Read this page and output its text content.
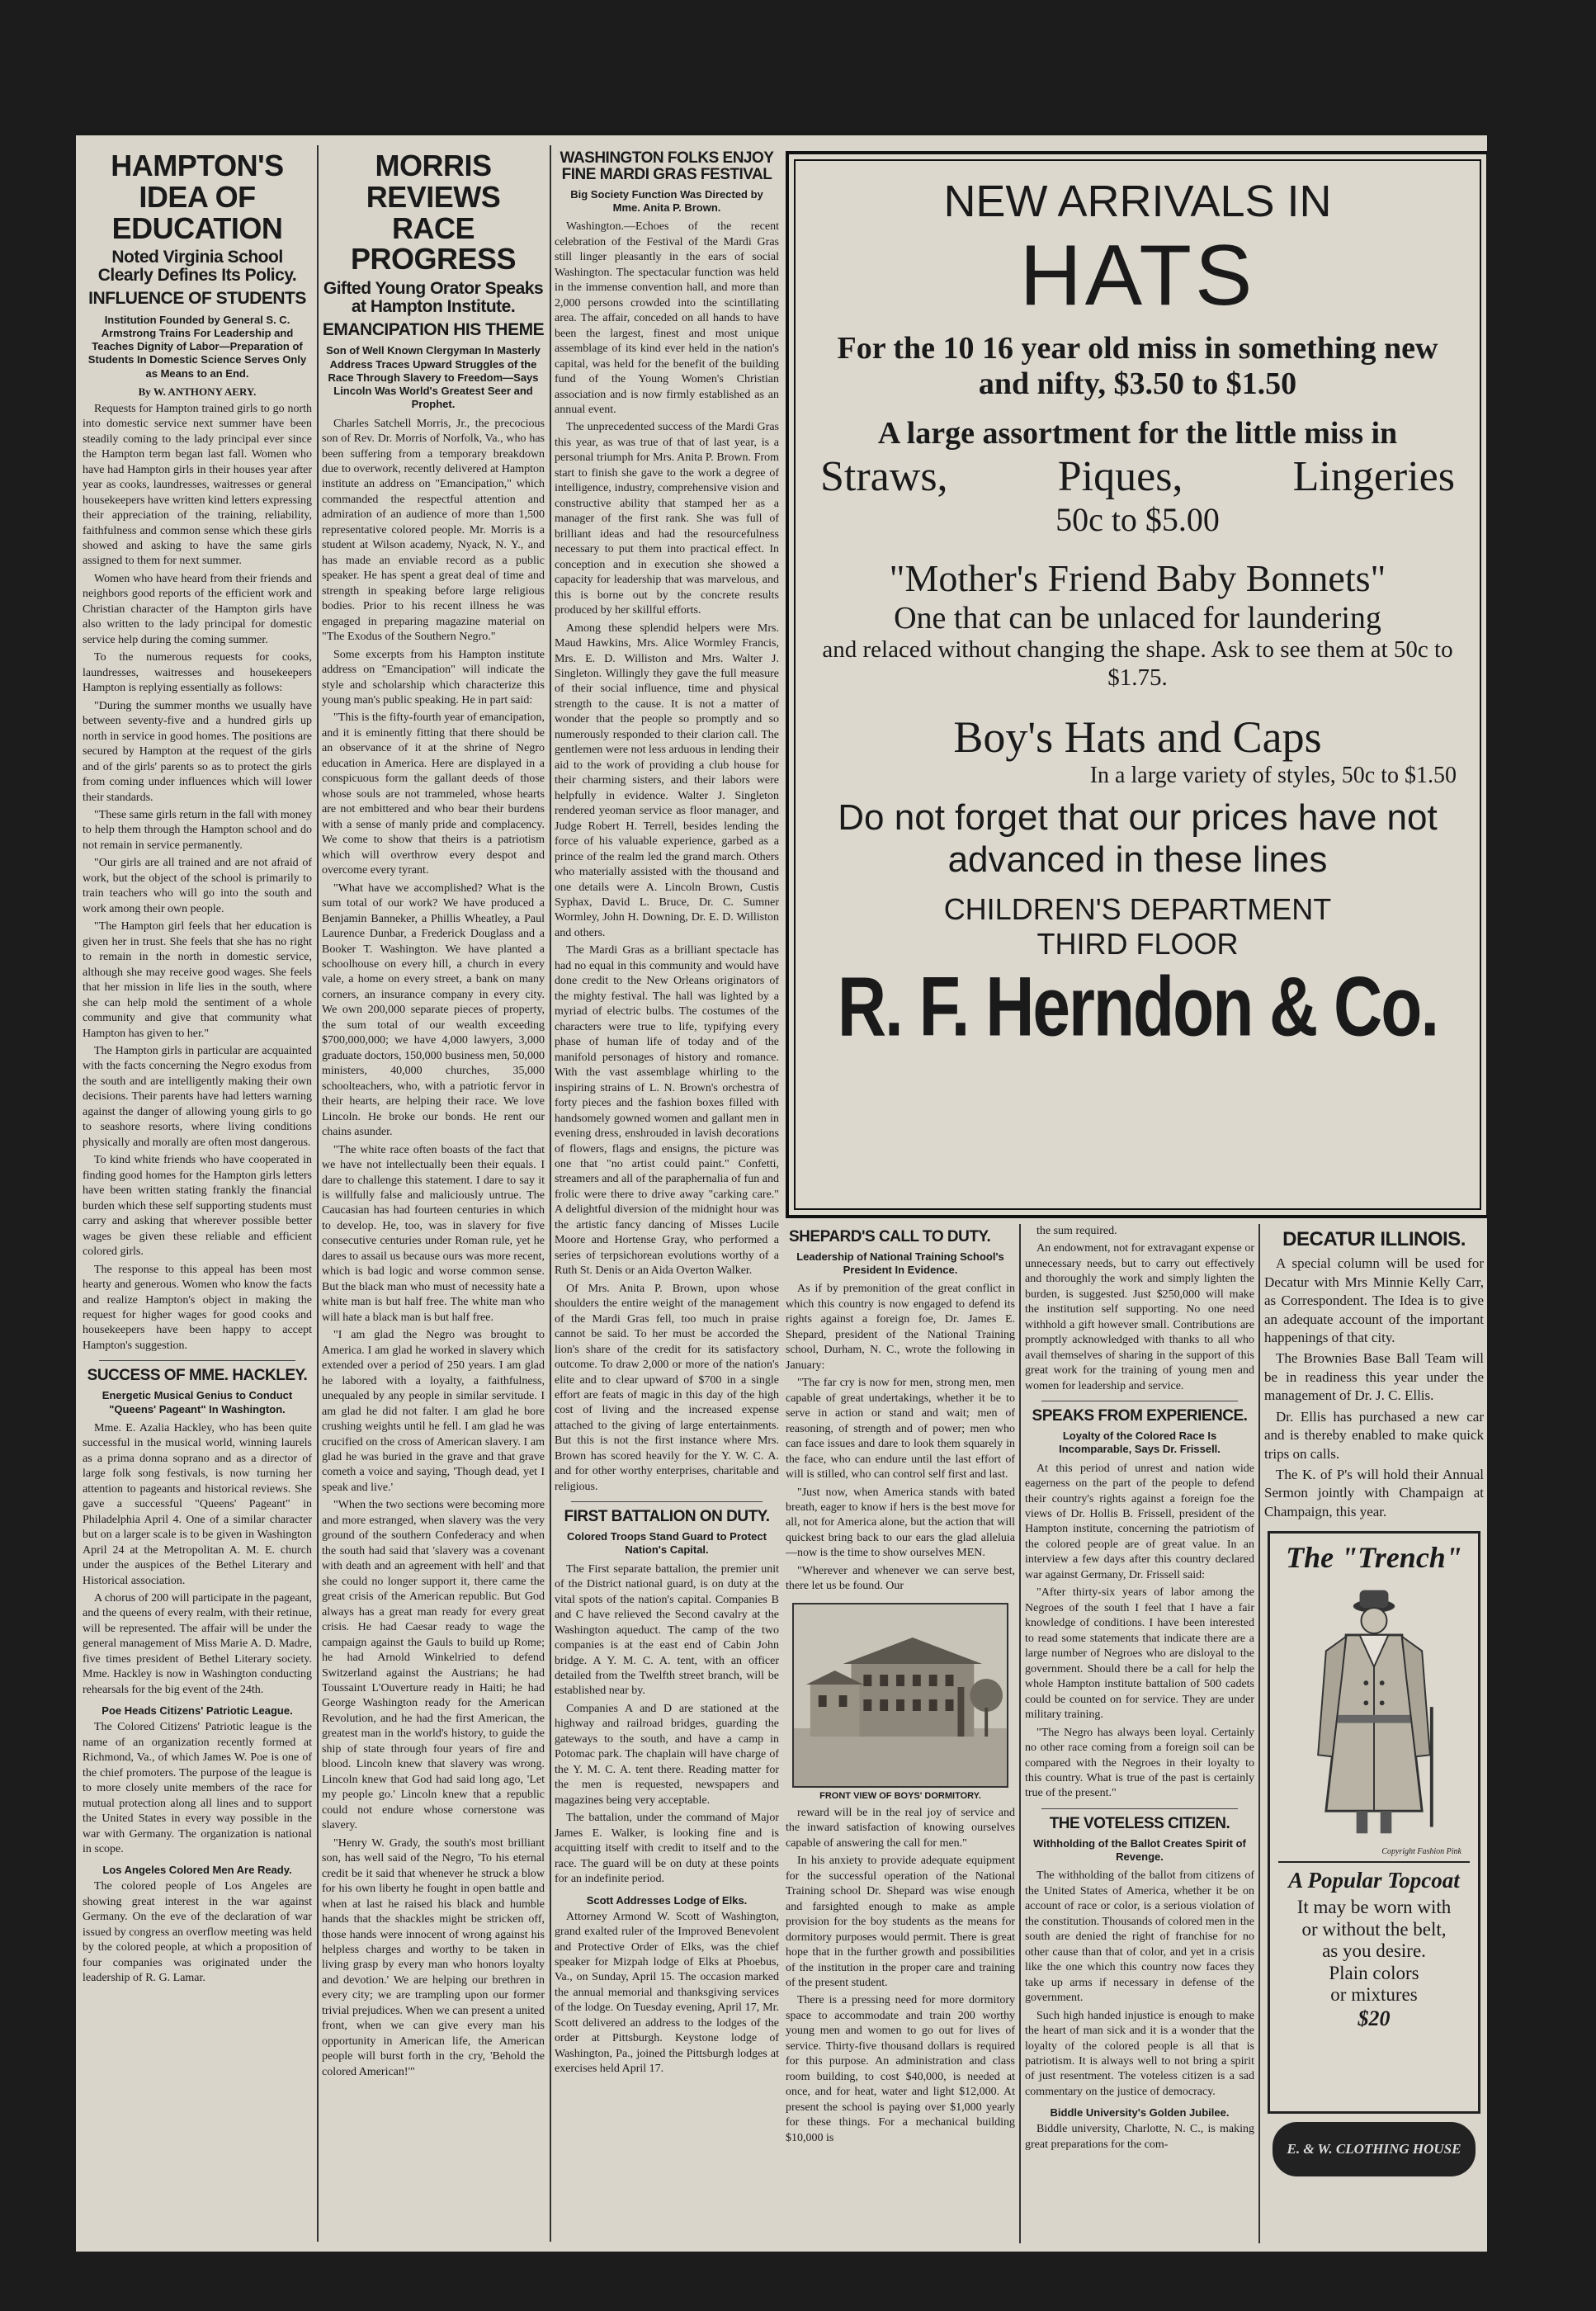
HAMPTON'S IDEA OF EDUCATION
Noted Virginia School Clearly Defines Its Policy.
INFLUENCE OF STUDENTS
Institution Founded by General S. C. Armstrong Trains For Leadership and Teaches Dignity of Labor—Preparation of Students In Domestic Science Serves Only as Means to an End.
By W. ANTHONY AERY.

Requests for Hampton trained girls to go north into domestic service next summer have been steadily coming to the lady principal ever since the Hampton term began last fall. Women who have had Hampton girls in their houses year after year as cooks, laundresses, waitresses or general housekeepers have written kind letters expressing their appreciation of the training, reliability, faithfulness and common sense which these girls showed and asking to have the same girls assigned to them for next summer.

Women who have heard from their friends and neighbors good reports of the efficient work and Christian character of the Hampton girls have also written to the lady principal for domestic service help during the coming summer.

To the numerous requests for cooks, laundresses, waitresses and housekeepers Hampton is replying essentially as follows:

"During the summer months we usually have between seventy-five and a hundred girls up north in service in good homes. The positions are secured by Hampton at the request of the girls and of the girls' parents so as to protect the girls from coming under influences which will lower their standards.

"These same girls return in the fall with money to help them through the Hampton school and do not remain in service permanently.

"Our girls are all trained and are not afraid of work, but the object of the school is primarily to train teachers who will go into the south and work among their own people.

"The Hampton girl feels that her education is given her in trust. She feels that she has no right to remain in the north in domestic service, although she may receive good wages. She feels that her mission in life lies in the south, where she can help mold the sentiment of a whole community and give that community what Hampton has given to her."

The Hampton girls in particular are acquainted with the facts concerning the Negro exodus from the south and are intelligently making their own decisions. Their parents have had letters warning against the danger of allowing young girls to go to seashore resorts, where living conditions physically and morally are often most dangerous.

To kind white friends who have cooperated in finding good homes for the Hampton girls letters have been written stating frankly the financial burden which these self supporting students must carry and asking that wherever possible better wages be given these reliable and efficient colored girls.

The response to this appeal has been most hearty and generous. Women who know the facts and realize Hampton's object in making the request for higher wages for good cooks and housekeepers have been happy to accept Hampton's suggestion.

SUCCESS OF MME. HACKLEY.
Energetic Musical Genius to Conduct "Queens' Pageant" In Washington.

Mme. E. Azalia Hackley, who has been quite successful in the musical world, winning laurels as a prima donna soprano and as a director of large folk song festivals, is now turning her attention to pageants and historical reviews. She gave a successful "Queens' Pageant" in Philadelphia April 4. One of a similar character but on a larger scale is to be given in Washington April 24 at the Metropolitan A. M. E. church under the auspices of the Bethel Literary and Historical association.

A chorus of 200 will participate in the pageant, and the queens of every realm, with their retinue, will be represented. The affair will be under the general management of Miss Marie A. D. Madre, five times president of Bethel Literary society. Mme. Hackley is now in Washington conducting rehearsals for the big event of the 24th.

Poe Heads Citizens' Patriotic League.

The Colored Citizens' Patriotic league is the name of an organization recently formed at Richmond, Va., of which James W. Poe is one of the chief promoters. The purpose of the league is to more closely unite members of the race for mutual protection along all lines and to support the United States in every way possible in the war with Germany. The organization is national in scope.

Los Angeles Colored Men Are Ready.

The colored people of Los Angeles are showing great interest in the war against Germany. On the eve of the declaration of war issued by congress an overflow meeting was held by the colored people, at which a proposition of four companies was originated under the leadership of R. G. Lamar.

MORRIS REVIEWS RACE PROGRESS
Gifted Young Orator Speaks at Hampton Institute.
EMANCIPATION HIS THEME
Son of Well Known Clergyman In Masterly Address Traces Upward Struggles of the Race Through Slavery to Freedom—Says Lincoln Was World's Greatest Seer and Prophet.

Charles Satchell Morris, Jr., the precocious son of Rev. Dr. Morris of Norfolk, Va., who has been suffering from a temporary breakdown due to overwork, recently delivered at Hampton institute an address on "Emancipation," which commanded the respectful attention and admiration of an audience of more than 1,500 representative colored people. Mr. Morris is a student at Wilson academy, Nyack, N. Y., and has made an enviable record as a public speaker. He has spent a great deal of time and strength in speaking before large religious bodies. Prior to his recent illness he was engaged in preparing magazine material on "The Exodus of the Southern Negro."

Some excerpts from his Hampton institute address on "Emancipation" will indicate the style and scholarship which characterize this young man's public speaking. He in part said:

"This is the fifty-fourth year of emancipation, and it is eminently fitting that there should be an observance of it at the shrine of Negro education in America. Here are displayed in a conspicuous form the gallant deeds of those whose souls are not trammeled, whose hearts are not embittered and who bear their burdens with a sense of manly pride and complacency. We come to show that theirs is a patriotism which will overthrow every despot and overcome every tyrant.

"What have we accomplished? What is the sum total of our work? We have produced a Benjamin Banneker, a Phillis Wheatley, a Paul Laurence Dunbar, a Frederick Douglass and a Booker T. Washington. We have planted a schoolhouse on every hill, a church in every vale, a home on every street, a bank on many corners, an insurance company in every city. We own 200,000 separate pieces of property, the sum total of our wealth exceeding $700,000,000; we have 4,000 lawyers, 3,000 graduate doctors, 150,000 business men, 50,000 ministers, 40,000 churches, 35,000 schoolteachers, who, with a patriotic fervor in their hearts, are helping their race. We love Lincoln. He broke our bonds. He rent our chains asunder.

"The white race often boasts of the fact that we have not intellectually been their equals. I dare to challenge this statement. I dare to say it is willfully false and maliciously untrue. The Caucasian has had fourteen centuries in which to develop. He, too, was in slavery for five consecutive centuries under Roman rule, yet he dares to assail us because ours was more recent, which is bad logic and worse common sense. But the black man who must of necessity hate a white man is but half free. The white man who will hate a black man is but half free.

"I am glad the Negro was brought to America. I am glad he worked in slavery which extended over a period of 250 years. I am glad he labored with a loyalty, a faithfulness, unequaled by any people in similar servitude. I am glad he did not falter. I am glad he bore crushing weights until he fell. I am glad he was crucified on the cross of American slavery. I am glad he was buried in the grave and that grave cometh a voice and saying, 'Though dead, yet I speak and live.'

"When the two sections were becoming more and more estranged, when slavery was the very ground of the southern Confederacy and when the south had said that 'slavery was a covenant with death and an agreement with hell' and that she could no longer support it, there came the great crisis of the American republic. But God always has a great man ready for every great crisis. He had Caesar ready to wage the campaign against the Gauls to build up Rome; he had Arnold Winkelried to defend Switzerland against the Austrians; he had Toussaint L'Ouverture ready in Haiti; he had George Washington ready for the American Revolution, and he had the first American, the greatest man in the world's history, to guide the ship of state through four years of fire and blood. Lincoln knew that slavery was wrong. Lincoln knew that God had said long ago, 'Let my people go.' Lincoln knew that a republic could not endure whose cornerstone was slavery.

"Henry W. Grady, the south's most brilliant son, has well said of the Negro, 'To his eternal credit be it said that whenever he struck a blow for his own liberty he fought in open battle and when at last he raised his black and humble hands that the shackles might be stricken off, those hands were innocent of wrong against his helpless charges and worthy to be taken in living grasp by every man who honors loyalty and devotion.' We are helping our brethren in every city; we are trampling upon our former trivial prejudices. When we can present a united front, when we can give every man his opportunity in American life, the American people will burst forth in the cry, 'Behold the colored American!'"

WASHINGTON FOLKS ENJOY FINE MARDI GRAS FESTIVAL
Big Society Function Was Directed by Mme. Anita P. Brown.

Washington.—Echoes of the recent celebration of the Festival of the Mardi Gras still linger pleasantly in the ears of social Washington. The spectacular function was held in the immense convention hall, and more than 2,000 persons crowded into the scintillating area. The affair, conceded on all hands to have been the largest, finest and most unique assemblage of its kind ever held in the nation's capital, was held for the benefit of the building fund of the Young Women's Christian association and is now firmly established as an annual event.

The unprecedented success of the Mardi Gras this year, as was true of that of last year, is a personal triumph for Mrs. Anita P. Brown. From start to finish she gave to the work a degree of intelligence, industry, comprehensive vision and constructive ability that stamped her as a manager of the first rank. She was full of brilliant ideas and had the resourcefulness necessary to put them into practical effect. In conception and in execution she showed a capacity for leadership that was marvelous, and this is borne out by the concrete results produced by her skillful efforts.

Among these splendid helpers were Mrs. Maud Hawkins, Mrs. Alice Wormley Francis, Mrs. E. D. Williston and Mrs. Walter J. Singleton. Willingly they gave the full measure of their social influence, time and physical strength to the cause. It is not a matter of wonder that the people so promptly and so numerously responded to their clarion call. The gentlemen were not less arduous in lending their aid to the work of providing a club house for their charming sisters, and their labors were helpfully in evidence. Walter J. Singleton rendered yeoman service as floor manager, and Judge Robert H. Terrell, besides lending the force of his valuable experience, garbed as a prince of the realm led the grand march. Others who materially assisted with the thousand and one details were A. Lincoln Brown, Custis Syphax, David L. Bruce, Dr. C. Sumner Wormley, John H. Downing, Dr. E. D. Williston and others.

The Mardi Gras as a brilliant spectacle has had no equal in this community and would have done credit to the New Orleans originators of the mighty festival. The hall was lighted by a myriad of electric bulbs. The costumes of the characters were true to life, typifying every phase of human life of today and of the manifold personages of history and romance. With the vast assemblage whirling to the inspiring strains of L. N. Brown's orchestra of forty pieces and the fashion boxes filled with handsomely gowned women and gallant men in evening dress, enshrouded in lavish decorations of flowers, flags and ensigns, the picture was one that "no artist could paint." Confetti, streamers and all of the paraphernalia of fun and frolic were there to drive away "carking care." A delightful diversion of the midnight hour was the artistic fancy dancing of Misses Lucile Moore and Hortense Gray, who performed a series of terpsichorean evolutions worthy of a Ruth St. Denis or an Aida Overton Walker.

Of Mrs. Anita P. Brown, upon whose shoulders the entire weight of the management of the Mardi Gras fell, too much in praise cannot be said. To her must be accorded the lion's share of the credit for its satisfactory outcome. To draw 2,000 or more of the nation's elite and to clear upward of $700 in a single effort are feats of magic in this day of the high cost of living and the increased expense attached to the giving of large entertainments. But this is not the first instance where Mrs. Brown has scored heavily for the Y. W. C. A. and for other worthy enterprises, charitable and religious.

FIRST BATTALION ON DUTY.
Colored Troops Stand Guard to Protect Nation's Capital.

The First separate battalion, the premier unit of the District national guard, is on duty at the vital spots of the nation's capital. Companies B and C have relieved the Second cavalry at the Washington aqueduct. The camp of the two companies is at the east end of Cabin John bridge. A Y. M. C. A. tent, with an officer detailed from the Twelfth street branch, will be established near by.

Companies A and D are stationed at the highway and railroad bridges, guarding the gateways to the south, and have a camp in Potomac park. The chaplain will have charge of the Y. M. C. A. tent there. Reading matter for the men is requested, newspapers and magazines being very acceptable.

The battalion, under the command of Major James E. Walker, is looking fine and is acquitting itself with credit to itself and to the race. The guard will be on duty at these points for an indefinite period.

Scott Addresses Lodge of Elks.

Attorney Armond W. Scott of Washington, grand exalted ruler of the Improved Benevolent and Protective Order of Elks, was the chief speaker for Mizpah lodge of Elks at Phoebus, Va., on Sunday, April 15. The occasion marked the annual memorial and thanksgiving services of the lodge. On Tuesday evening, April 17, Mr. Scott delivered an address to the lodges of the order at Pittsburgh. Keystone lodge of Washington, Pa., joined the Pittsburgh lodges at exercises held April 17.

NEW ARRIVALS IN
HATS
For the 10 16 year old miss in something new and nifty, $3.50 to $1.50
A large assortment for the little miss in
Straws,	Piques,	Lingeries
50c to $5.00
"Mother's Friend Baby Bonnets"
One that can be unlaced for laundering
and relaced without changing the shape. Ask to see them at 50c to $1.75.
Boy's Hats and Caps
In a large variety of styles, 50c to $1.50
Do not forget that our prices have not advanced in these lines
CHILDREN'S DEPARTMENT
THIRD FLOOR
R. F. Herndon & Co.
SHEPARD'S CALL TO DUTY.
Leadership of National Training School's President In Evidence.

As if by premonition of the great conflict in which this country is now engaged to defend its rights against a foreign foe, Dr. James E. Shepard, president of the National Training school, Durham, N. C., wrote the following in January:

"The far cry is now for men, strong men, men capable of great undertakings, whether it be to serve in action or stand and wait; men of reasoning, of strength and of power; men who can face issues and dare to look them squarely in the face, who can endure until the last effort of will is stilled, who can control self first and last.

"Just now, when America stands with bated breath, eager to know if hers is the best move for all, not for America alone, but the action that will quickest bring back to our ears the glad alleluia—now is the time to show ourselves MEN.

"Wherever and whenever we can serve best, there let us be found. Our

FRONT VIEW OF BOYS' DORMITORY.

reward will be in the real joy of service and the inward satisfaction of knowing ourselves capable of answering the call for men."

In his anxiety to provide adequate equipment for the successful operation of the National Training school Dr. Shepard was wise enough and farsighted enough to make as ample provision for the boy students as the means for dormitory purposes would permit. There is great hope that in the further growth and possibilities of the institution in the proper care and training of the present student.

There is a pressing need for more dormitory space to accommodate and train 200 worthy young men and women to go out for lives of service. Thirty-five thousand dollars is required for this purpose. An administration and class room building, to cost $40,000, is needed at once, and for heat, water and light $12,000. At present the school is paying over $1,000 yearly for these things. For a mechanical building $10,000 is

the sum required.

An endowment, not for extravagant expense or unnecessary needs, but to carry out effectively and thoroughly the work and simply lighten the burden, is suggested. Just $250,000 will make the institution self supporting. No one need withhold a gift however small. Contributions are promptly acknowledged with thanks to all who avail themselves of sharing in the support of this great work for the training of young men and women for leadership and service.

SPEAKS FROM EXPERIENCE.
Loyalty of the Colored Race Is Incomparable, Says Dr. Frissell.

At this period of unrest and nation wide eagerness on the part of the people to defend their country's rights against a foreign foe the views of Dr. Hollis B. Frissell, president of the Hampton institute, concerning the patriotism of the colored people are of great value. In an interview a few days after this country declared war against Germany, Dr. Frissell said:

"After thirty-six years of labor among the Negroes of the south I feel that I have a fair knowledge of conditions. I have been interested to read some statements that indicate there are a large number of Negroes who are disloyal to the government. Should there be a call for help the whole Hampton institute battalion of 500 cadets could be counted on for service. They are under military training.

"The Negro has always been loyal. Certainly no other race coming from a foreign soil can be compared with the Negroes in their loyalty to this country. What is true of the past is certainly true of the present."

THE VOTELESS CITIZEN.
Withholding of the Ballot Creates Spirit of Revenge.

The withholding of the ballot from citizens of the United States of America, whether it be on account of race or color, is a serious violation of the constitution. Thousands of colored men in the south are denied the right of franchise for no other cause than that of color, and yet in a crisis like the one which this country now faces they take up arms if necessary in defense of the government.

Such high handed injustice is enough to make the heart of man sick and it is a wonder that the loyalty of the colored people is all that is patriotism. It is always well to not bring a spirit of just resentment. The voteless citizen is a sad commentary on the justice of democracy.

Biddle University's Golden Jubilee.

Biddle university, Charlotte, N. C., is making great preparations for the com-

DECATUR ILLINOIS.

A special column will be used for Decatur with Mrs Minnie Kelly Carr, as Correspondent. The Idea is to give an adequate account of the important happenings of that city.

The Brownies Base Ball Team will be in readiness this year under the management of Dr. J. C. Ellis.

Dr. Ellis has purchased a new car and is thereby enabled to make quick trips on calls.

The K. of P's will hold their Annual Sermon jointly with Champaign at Champaign, this year.

The "Trench"
Copyright Fashion Pink
A Popular Topcoat
It may be worn with
or without the belt,
as you desire.
Plain colors
or mixtures
$20
E. & W. CLOTHING HOUSE
